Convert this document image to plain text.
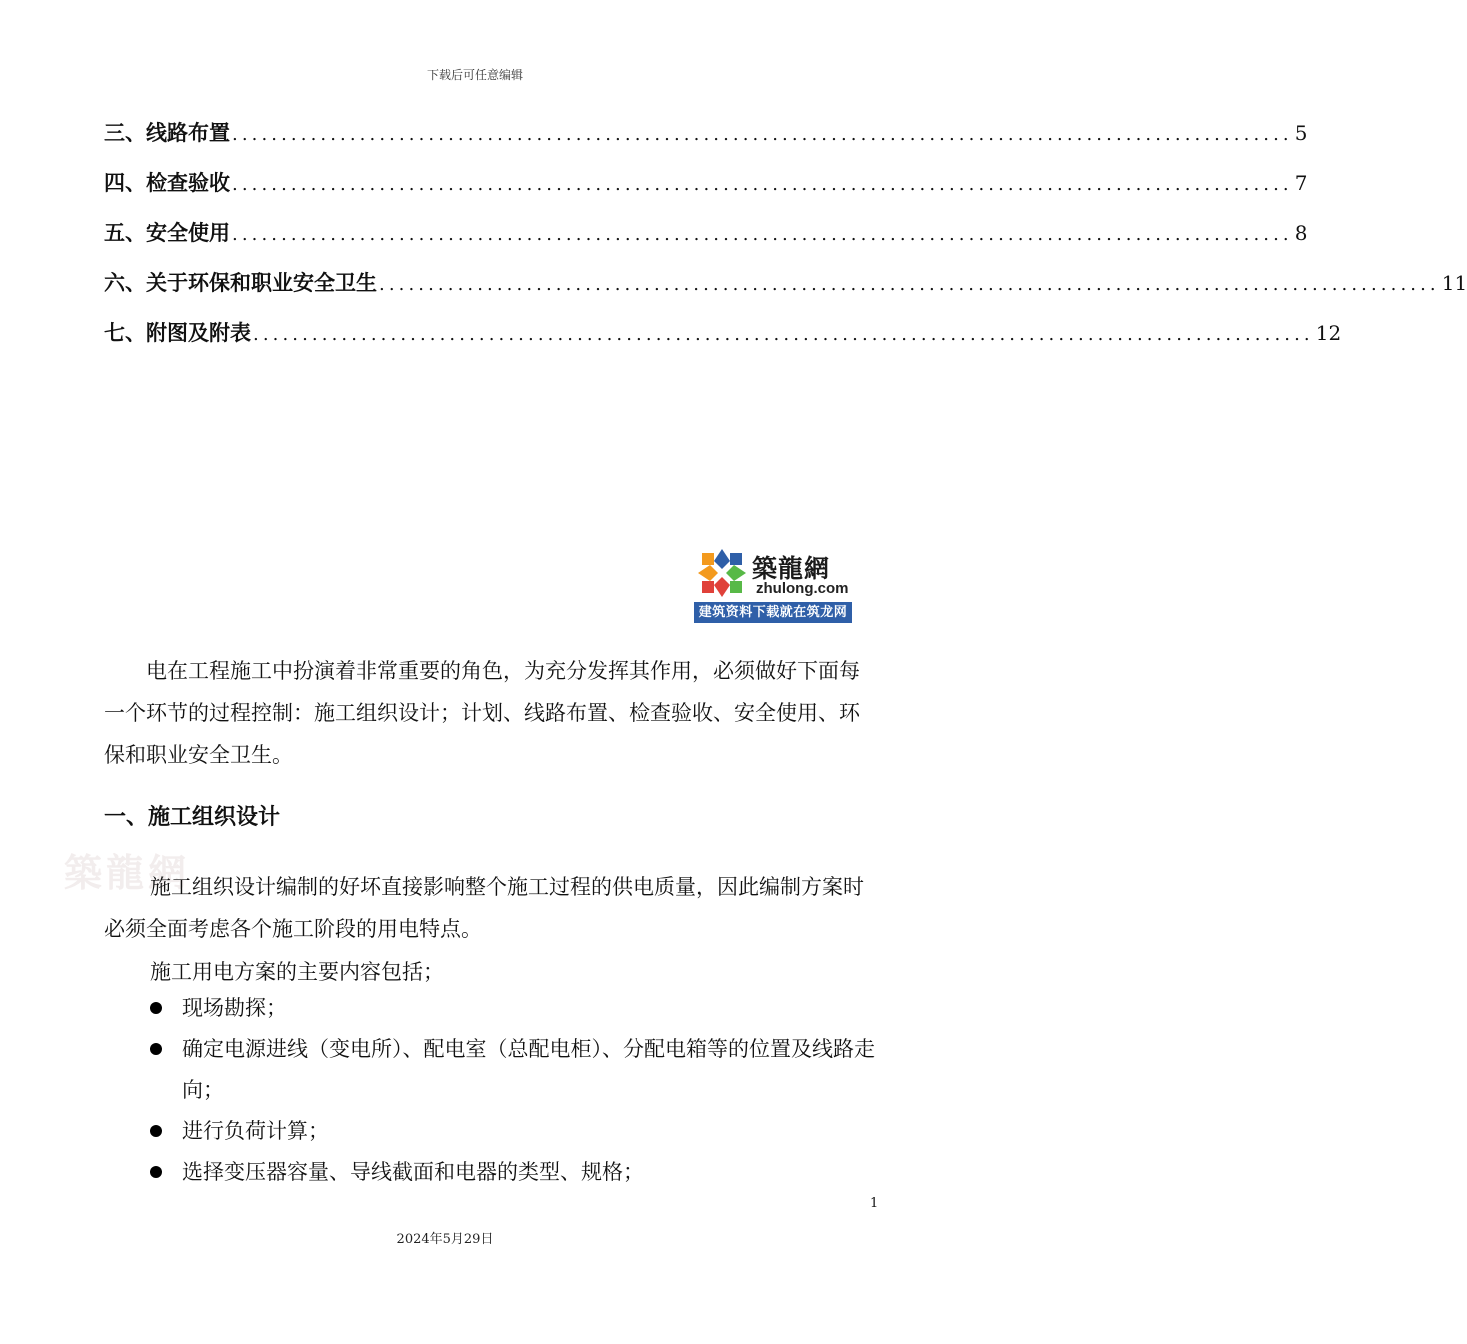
下载后可任意编辑
三、线路布置 ............................................................................................................ 5
四、检查验收 ............................................................................................................ 7
五、安全使用 ............................................................................................................ 8
六、关于环保和职业安全卫生 ............................................................................................................ 11
七、附图及附表 ............................................................................................................ 12
築龍網
zhulong.com
建筑资料下载就在筑龙网

电在工程施工中扮演着非常重要的角色，为充分发挥其作用，必须做好下面每一个环节的过程控制：施工组织设计；计划、线路布置、检查验收、安全使用、环保和职业安全卫生。

一、施工组织设计
築龍網

施工组织设计编制的好坏直接影响整个施工过程的供电质量，因此编制方案时必须全面考虑各个施工阶段的用电特点。

施工用电方案的主要内容包括；
现场勘探；
确定电源进线（变电所）、配电室（总配电柜）、分配电箱等的位置及线路走向；
进行负荷计算；
选择变压器容量、导线截面和电器的类型、规格；
1
2024年5月29日
